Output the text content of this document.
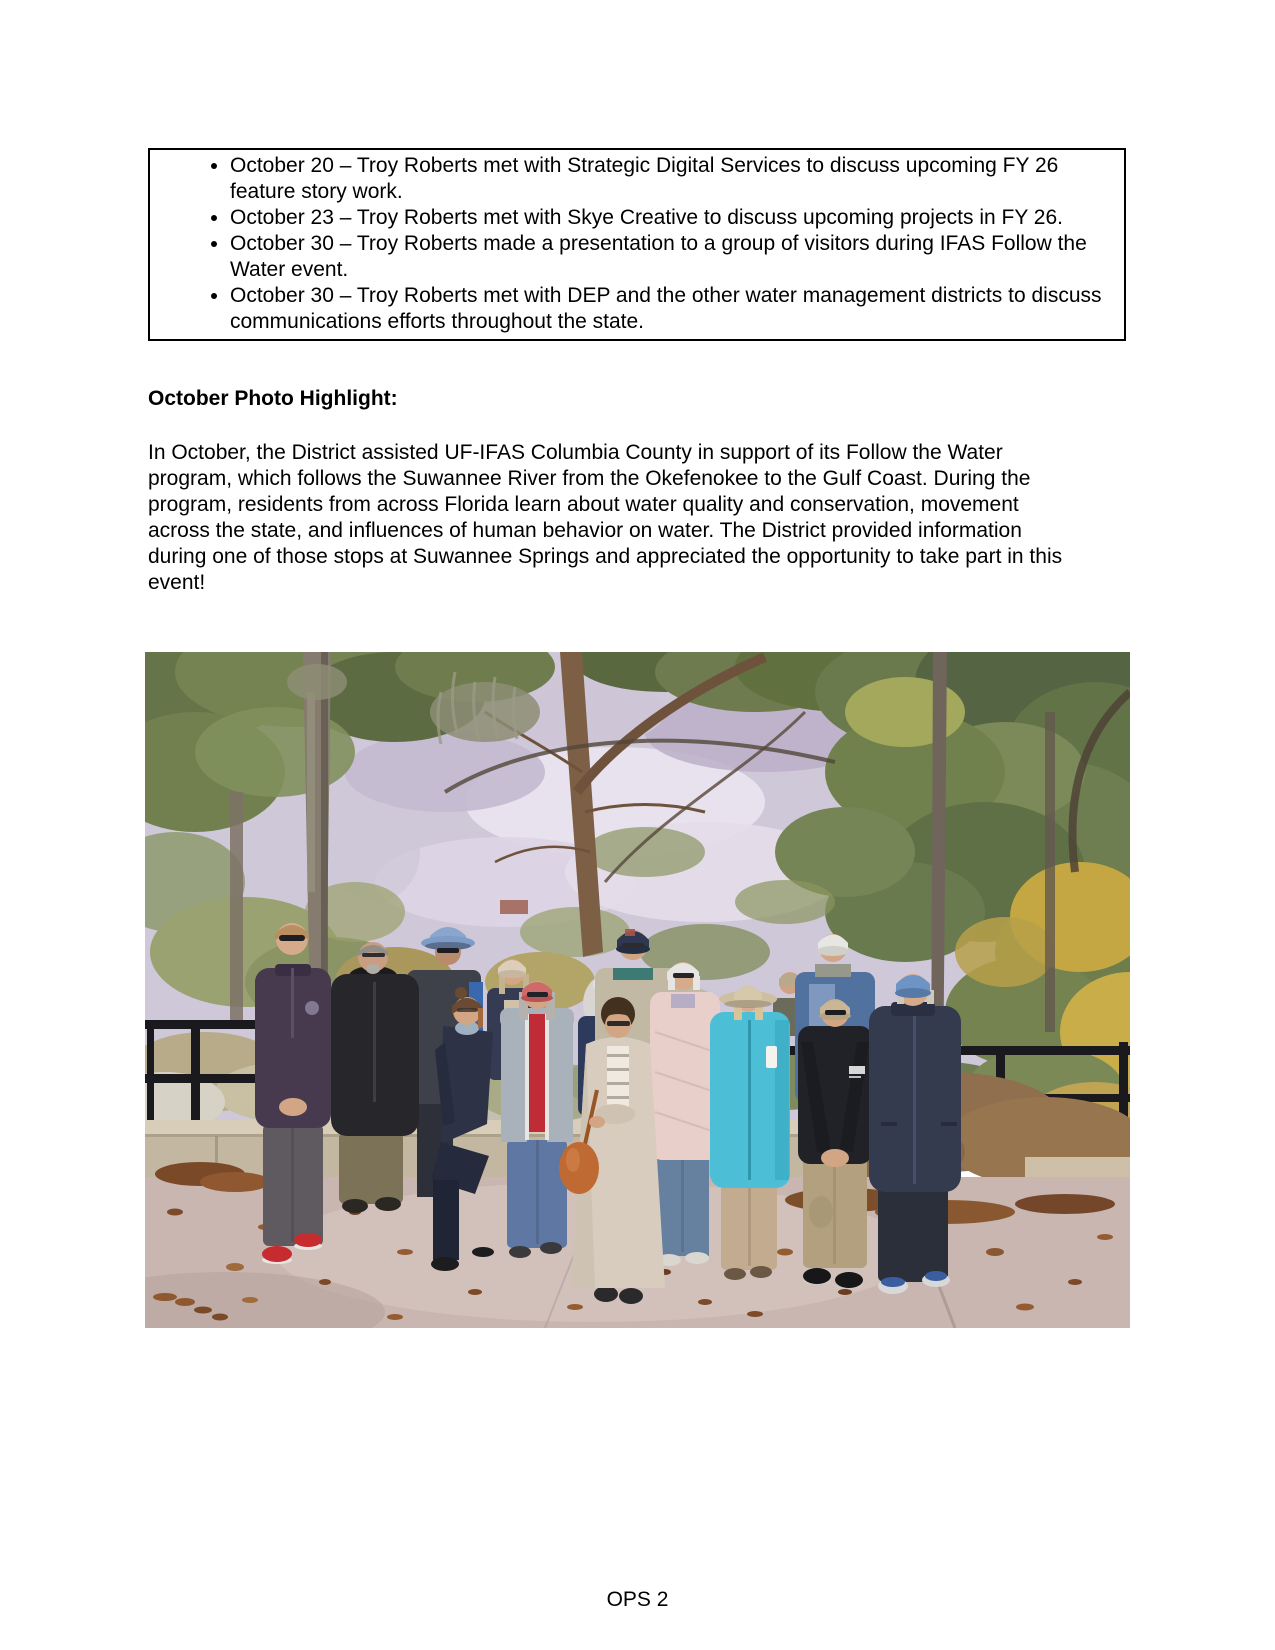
• October 20 – Troy Roberts met with Strategic Digital Services to discuss upcoming FY 26 feature story work.
• October 23 – Troy Roberts met with Skye Creative to discuss upcoming projects in FY 26.
• October 30 – Troy Roberts made a presentation to a group of visitors during IFAS Follow the Water event.
• October 30 – Troy Roberts met with DEP and the other water management districts to discuss communications efforts throughout the state.
October Photo Highlight:

In October, the District assisted UF-IFAS Columbia County in support of its Follow the Water program, which follows the Suwannee River from the Okefenokee to the Gulf Coast. During the program, residents from across Florida learn about water quality and conservation, movement across the state, and influences of human behavior on water. The District provided information during one of those stops at Suwannee Springs and appreciated the opportunity to take part in this event!

OPS 2
